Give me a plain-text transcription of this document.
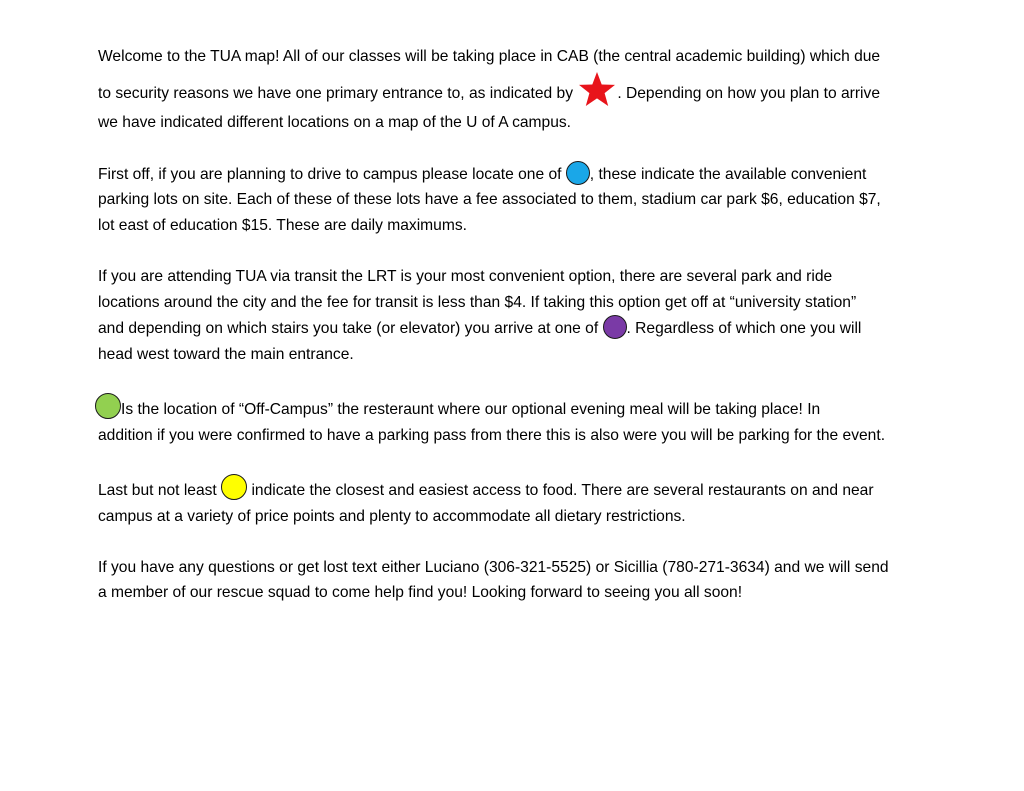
Welcome to the TUA map! All of our classes will be taking place in CAB (the central academic building) which due
to security reasons we have one primary entrance to, as indicated by	. Depending on how you plan to arrive
we have indicated different locations on a map of the U of A campus.

First off, if you are planning to drive to campus please locate one of , these indicate the available convenient
parking lots on site. Each of these of these lots have a fee associated to them, stadium car park $6, education $7,
lot east of education $15. These are daily maximums.

If you are attending TUA via transit the LRT is your most convenient option, there are several park and ride
locations around the city and the fee for transit is less than $4. If taking this option get off at “university station”
and depending on which stairs you take (or elevator) you arrive at one of . Regardless of which one you will
head west toward the main entrance.

Is the location of “Off-Campus” the resteraunt where our optional evening meal will be taking place! In
addition if you were confirmed to have a parking pass from there this is also were you will be parking for the event.

Last but not least  indicate the closest and easiest access to food. There are several restaurants on and near
campus at a variety of price points and plenty to accommodate all dietary restrictions.

If you have any questions or get lost text either Luciano (306-321-5525) or Sicillia (780-271-3634) and we will send
a member of our rescue squad to come help find you! Looking forward to seeing you all soon!
